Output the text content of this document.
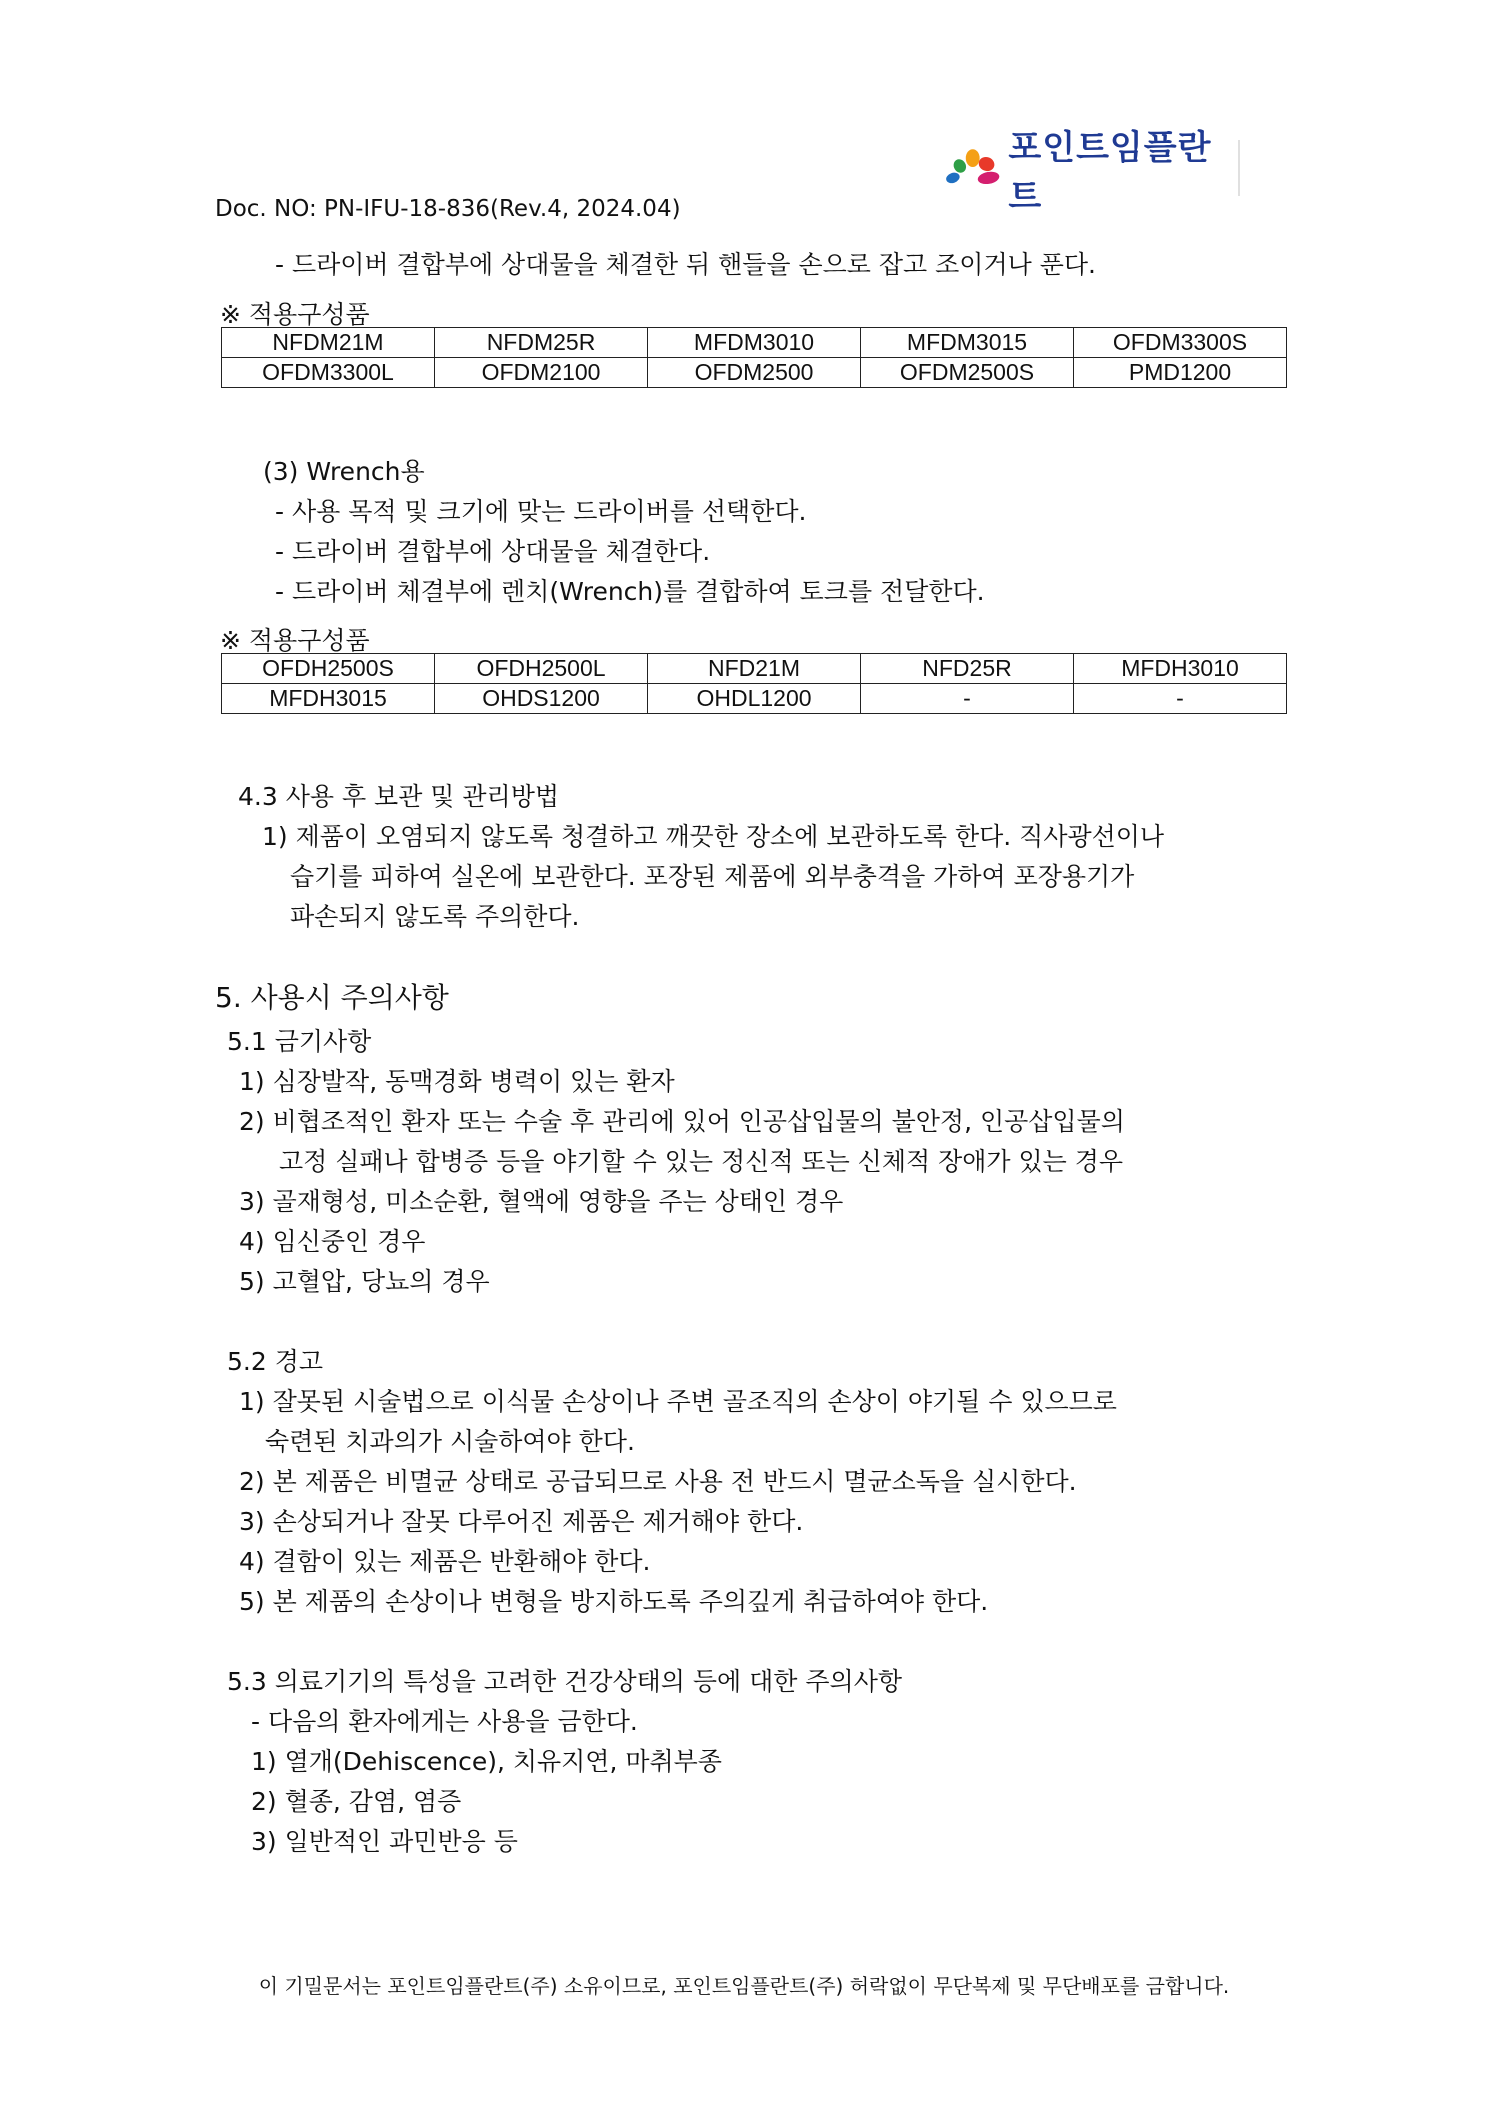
포인트임플란트
Doc. NO: PN-IFU-18-836(Rev.4, 2024.04)
- 드라이버 결합부에 상대물을 체결한 뒤 핸들을 손으로 잡고 조이거나 푼다.
※ 적용구성품
NFDM21M	NFDM25R	MFDM3010	MFDM3015	OFDM3300S
OFDM3300L	OFDM2100	OFDM2500	OFDM2500S	PMD1200
(3) Wrench용
- 사용 목적 및 크기에 맞는 드라이버를 선택한다.
- 드라이버 결합부에 상대물을 체결한다.
- 드라이버 체결부에 렌치(Wrench)를 결합하여 토크를 전달한다.
※ 적용구성품
OFDH2500S	OFDH2500L	NFD21M	NFD25R	MFDH3010
MFDH3015	OHDS1200	OHDL1200	-	-
4.3 사용 후 보관 및 관리방법
1) 제품이 오염되지 않도록 청결하고 깨끗한 장소에 보관하도록 한다. 직사광선이나
습기를 피하여 실온에 보관한다. 포장된 제품에 외부충격을 가하여 포장용기가
파손되지 않도록 주의한다.
5. 사용시 주의사항
5.1 금기사항
1) 심장발작, 동맥경화 병력이 있는 환자
2) 비협조적인 환자 또는 수술 후 관리에 있어 인공삽입물의 불안정, 인공삽입물의
고정 실패나 합병증 등을 야기할 수 있는 정신적 또는 신체적 장애가 있는 경우
3) 골재형성, 미소순환, 혈액에 영향을 주는 상태인 경우
4) 임신중인 경우
5) 고혈압, 당뇨의 경우
5.2 경고
1) 잘못된 시술법으로 이식물 손상이나 주변 골조직의 손상이 야기될 수 있으므로
숙련된 치과의가 시술하여야 한다.
2) 본 제품은 비멸균 상태로 공급되므로 사용 전 반드시 멸균소독을 실시한다.
3) 손상되거나 잘못 다루어진 제품은 제거해야 한다.
4) 결함이 있는 제품은 반환해야 한다.
5) 본 제품의 손상이나 변형을 방지하도록 주의깊게 취급하여야 한다.
5.3 의료기기의 특성을 고려한 건강상태의 등에 대한 주의사항
- 다음의 환자에게는 사용을 금한다.
1) 열개(Dehiscence), 치유지연, 마취부종
2) 혈종, 감염, 염증
3) 일반적인 과민반응 등
이 기밀문서는 포인트임플란트(주) 소유이므로, 포인트임플란트(주) 허락없이 무단복제 및 무단배포를 금합니다.
